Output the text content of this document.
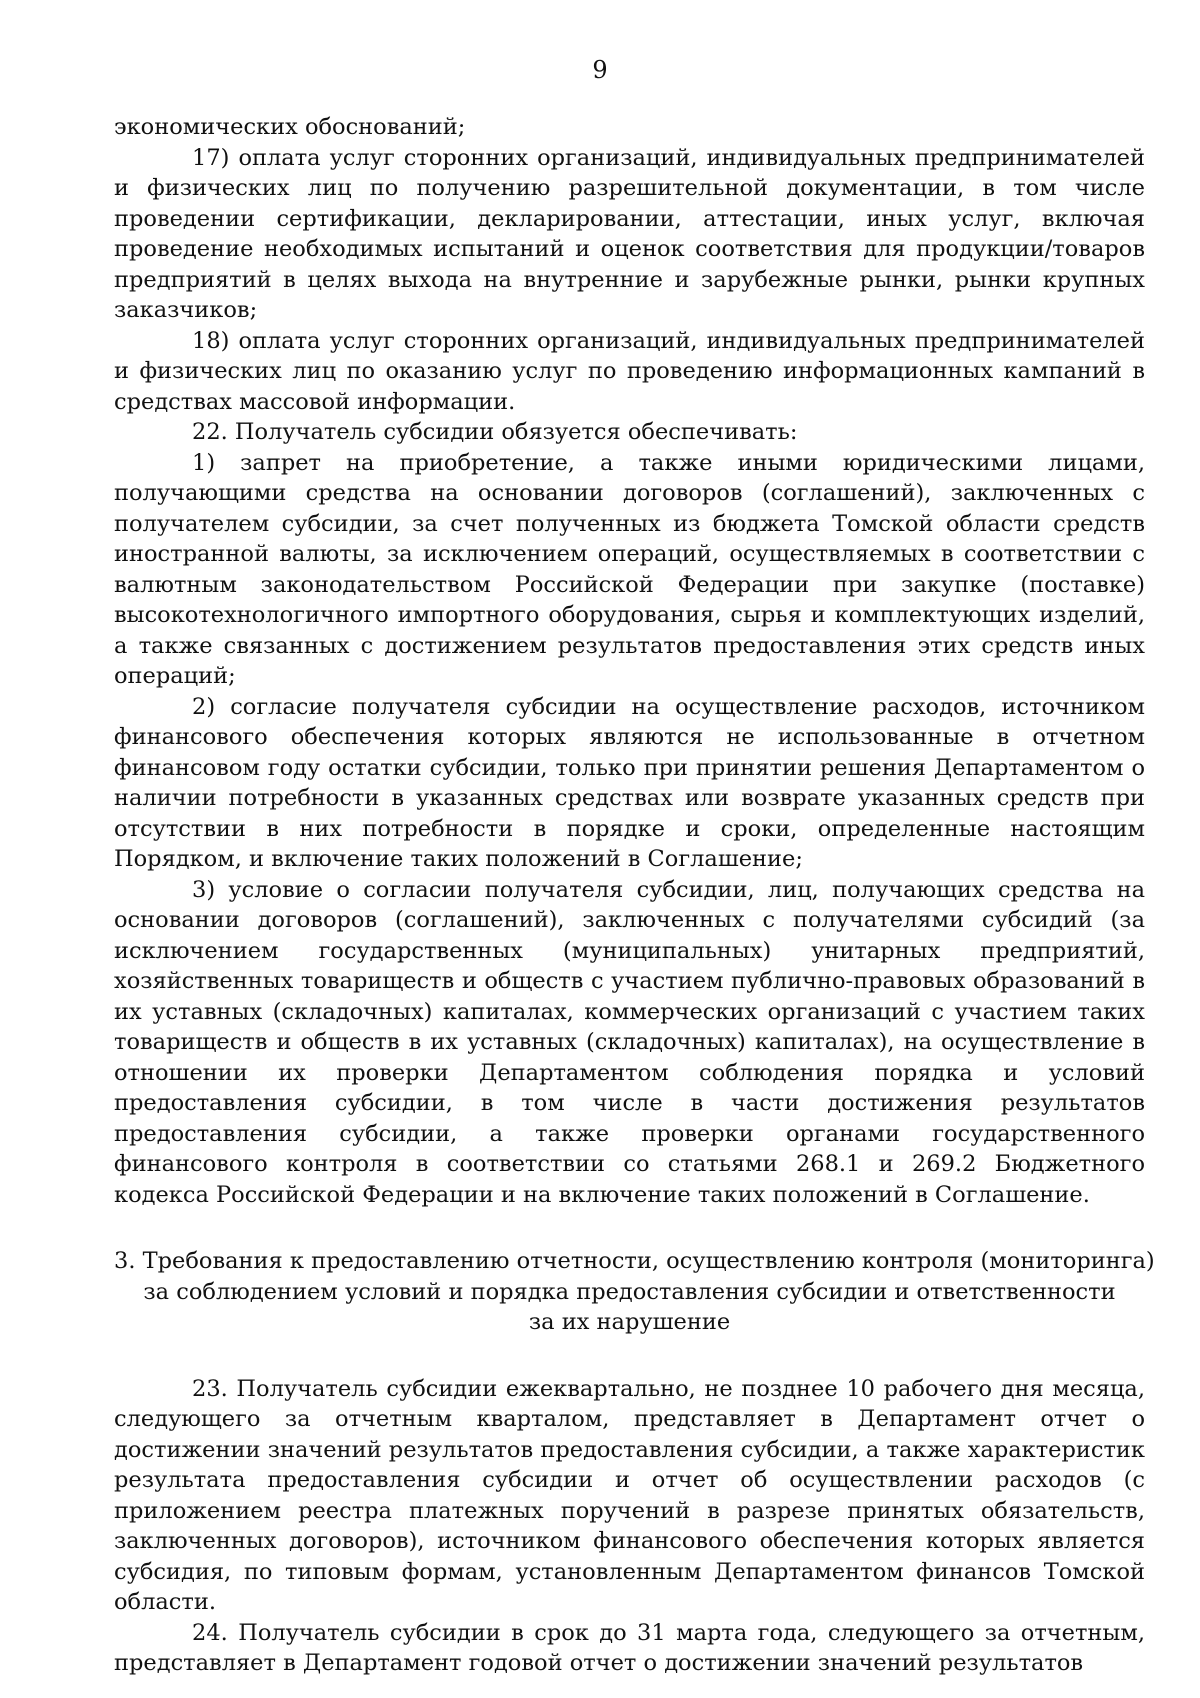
9

экономических обоснований;

17) оплата услуг сторонних организаций, индивидуальных предпринимателей и физических лиц по получению разрешительной документации, в том числе проведении сертификации, декларировании, аттестации, иных услуг, включая проведение необходимых испытаний и оценок соответствия для продукции/товаров предприятий в целях выхода на внутренние и зарубежные рынки, рынки крупных заказчиков;

18) оплата услуг сторонних организаций, индивидуальных предпринимателей и физических лиц по оказанию услуг по проведению информационных кампаний в средствах массовой информации.

22. Получатель субсидии обязуется обеспечивать:

1) запрет на приобретение, а также иными юридическими лицами, получающими средства на основании договоров (соглашений), заключенных с получателем субсидии, за счет полученных из бюджета Томской области средств иностранной валюты, за исключением операций, осуществляемых в соответствии с валютным законодательством Российской Федерации при закупке (поставке) высокотехнологичного импортного оборудования, сырья и комплектующих изделий, а также связанных с достижением результатов предоставления этих средств иных операций;

2) согласие получателя субсидии на осуществление расходов, источником финансового обеспечения которых являются не использованные в отчетном финансовом году остатки субсидии, только при принятии решения Департаментом о наличии потребности в указанных средствах или возврате указанных средств при отсутствии в них потребности в порядке и сроки, определенные настоящим Порядком, и включение таких положений в Соглашение;

3) условие о согласии получателя субсидии, лиц, получающих средства на основании договоров (соглашений), заключенных с получателями субсидий (за исключением государственных (муниципальных) унитарных предприятий, хозяйственных товариществ и обществ с участием публично-правовых образований в их уставных (складочных) капиталах, коммерческих организаций с участием таких товариществ и обществ в их уставных (складочных) капиталах), на осуществление в отношении их проверки Департаментом соблюдения порядка и условий предоставления субсидии, в том числе в части достижения результатов предоставления субсидии, а также проверки органами государственного финансового контроля в соответствии со статьями 268.1 и 269.2 Бюджетного кодекса Российской Федерации и на включение таких положений в Соглашение.

3. Требования к предоставлению отчетности, осуществлению контроля (мониторинга)
за соблюдением условий и порядка предоставления субсидии и ответственности
за их нарушение

23. Получатель субсидии ежеквартально, не позднее 10 рабочего дня месяца, следующего за отчетным кварталом, представляет в Департамент отчет о достижении значений результатов предоставления субсидии, а также характеристик результата предоставления субсидии и отчет об осуществлении расходов (с приложением реестра платежных поручений в разрезе принятых обязательств, заключенных договоров), источником финансового обеспечения которых является субсидия, по типовым формам, установленным Департаментом финансов Томской области.

24. Получатель субсидии в срок до 31 марта года, следующего за отчетным, представляет в Департамент годовой отчет о достижении значений результатов
